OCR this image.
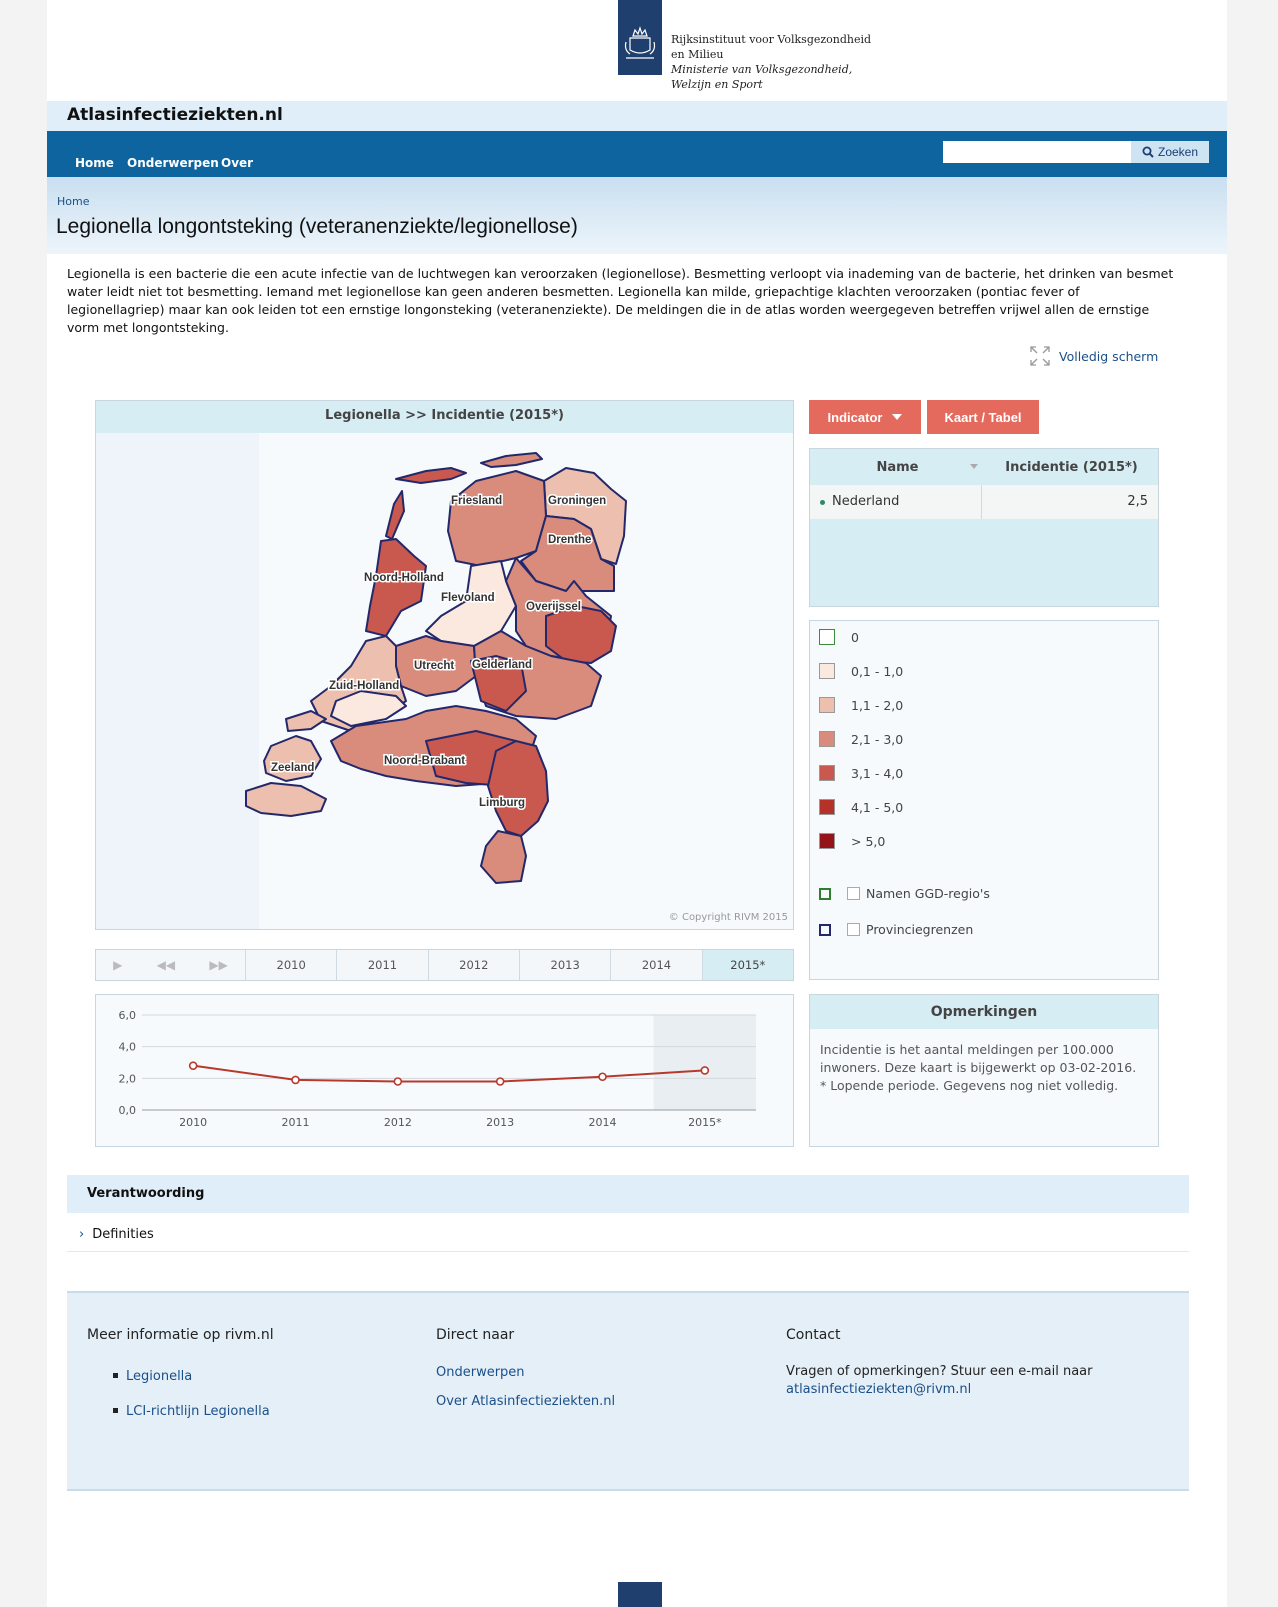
Rijksinstituut voor Volksgezondheid
en Milieu
Ministerie van Volksgezondheid,
Welzijn en Sport
Atlasinfectieziekten.nl
Home Onderwerpen Over
Zoeken
Home
Legionella longontsteking (veteranenziekte/legionellose)
Legionella is een bacterie die een acute infectie van de luchtwegen kan veroorzaken (legionellose). Besmetting verloopt via inademing van de bacterie, het drinken van besmet water leidt niet tot besmetting. Iemand met legionellose kan geen anderen besmetten. Legionella kan milde, griepachtige klachten veroorzaken (pontiac fever of legionellagriep) maar kan ook leiden tot een ernstige longonsteking (veteranenziekte). De meldingen die in de atlas worden weergegeven betreffen vrijwel allen de ernstige vorm met longontsteking.
Volledig scherm
Legionella >> Incidentie (2015*)
Groningen
Friesland
Drenthe
Noord-Holland
Flevoland
Overijssel
Utrecht Gelderland
Zuid-Holland
Zeeland
Noord-Brabant
Limburg
© Copyright RIVM 2015
▶	◀◀	▶▶	2010	2011	2012	2013	2014	2015*
0,0
2,0
4,0
6,0
2010	2011	2012	2013	2014	2015*
Indicator	Kaart / Tabel
Name	Incidentie (2015*)
Nederland	2,5
0
0,1 - 1,0
1,1 - 2,0
2,1 - 3,0
3,1 - 4,0
4,1 - 5,0
> 5,0
Namen GGD-regio's
Provinciegrenzen
Opmerkingen
Incidentie is het aantal meldingen per 100.000 inwoners. Deze kaart is bijgewerkt op 03-02-2016.
* Lopende periode. Gegevens nog niet volledig.
Verantwoording
› Definities
Meer informatie op rivm.nl
Legionella
LCI-richtlijn Legionella
Direct naar
Onderwerpen
Over Atlasinfectieziekten.nl
Contact
Vragen of opmerkingen? Stuur een e-mail naar
atlasinfectieziekten@rivm.nl
